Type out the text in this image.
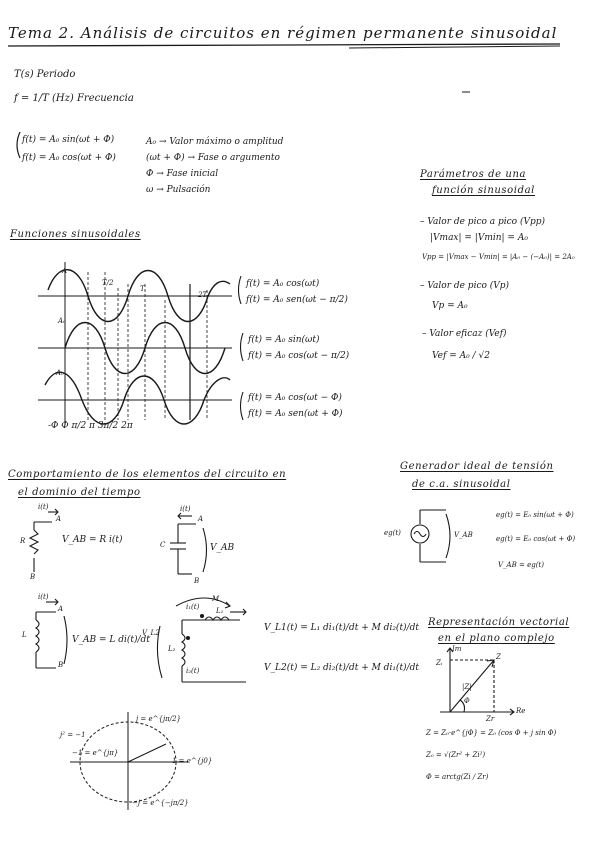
Tema 2. Análisis de circuitos en régimen permanente sinusoidal
T(s) Periodo
f = 1/T (Hz) Frecuencia
f(t) = A₀ sin(ωt + Φ)
f(t) = A₀ cos(ωt + Φ)
A₀ → Valor máximo o amplitud
(ωt + Φ) → Fase o argumento
Φ → Fase inicial
ω → Pulsación
Funciones sinusoidales
T/2
T
2T
A
A₀
A₀
-Φ Φ π/2 π 3π/2 2π
f(t) = A₀ cos(ωt)
f(t) = A₀ sen(ωt − π/2)
f(t) = A₀ sin(ωt)
f(t) = A₀ cos(ωt − π/2)
f(t) = A₀ cos(ωt − Φ)
f(t) = A₀ sen(ωt + Φ)
Parámetros de una
función sinusoidal
– Valor de pico a pico (Vpp)
|Vmax| = |Vmin| = A₀
Vpp = |Vmax − Vmin| = |A₀ − (−A₀)| = 2A₀
– Valor de pico (Vp)
Vp = A₀
– Valor eficaz (Vef)
Vef = A₀ / √2
Comportamiento de los elementos del circuito en
el dominio del tiempo
i(t)
A
R
B
V_AB = R i(t)
i(t)
A
C
B
V_AB
i(t)
A
L
B
V_AB = L di(t)/dt
M
L₁
L₂
V_L2
i₁(t)
i₂(t)
V_L1(t) = L₁ di₁(t)/dt + M di₂(t)/dt
V_L2(t) = L₂ di₂(t)/dt + M di₁(t)/dt
Generador ideal de tensión
de c.a. sinusoidal
eg(t)	V_AB
eg(t) = E₀ sin(ωt + Φ)
eg(t) = E₀ cos(ωt + Φ)
V_AB = eg(t)
Representación vectorial
en el plano complejo
Im
Re
Zᵢ
Zr
|Z|
Φ
Z
Z = Z₀·e^{jΦ} = Z₀ (cos Φ + j sin Φ)
Z₀ = √(Zr² + Zi²)
Φ = arctg(Zi / Zr)
j = e^{jπ/2}
−1 = e^{jπ}
1 = e^{j0}
−j = e^{−jπ/2}
j² = −1
